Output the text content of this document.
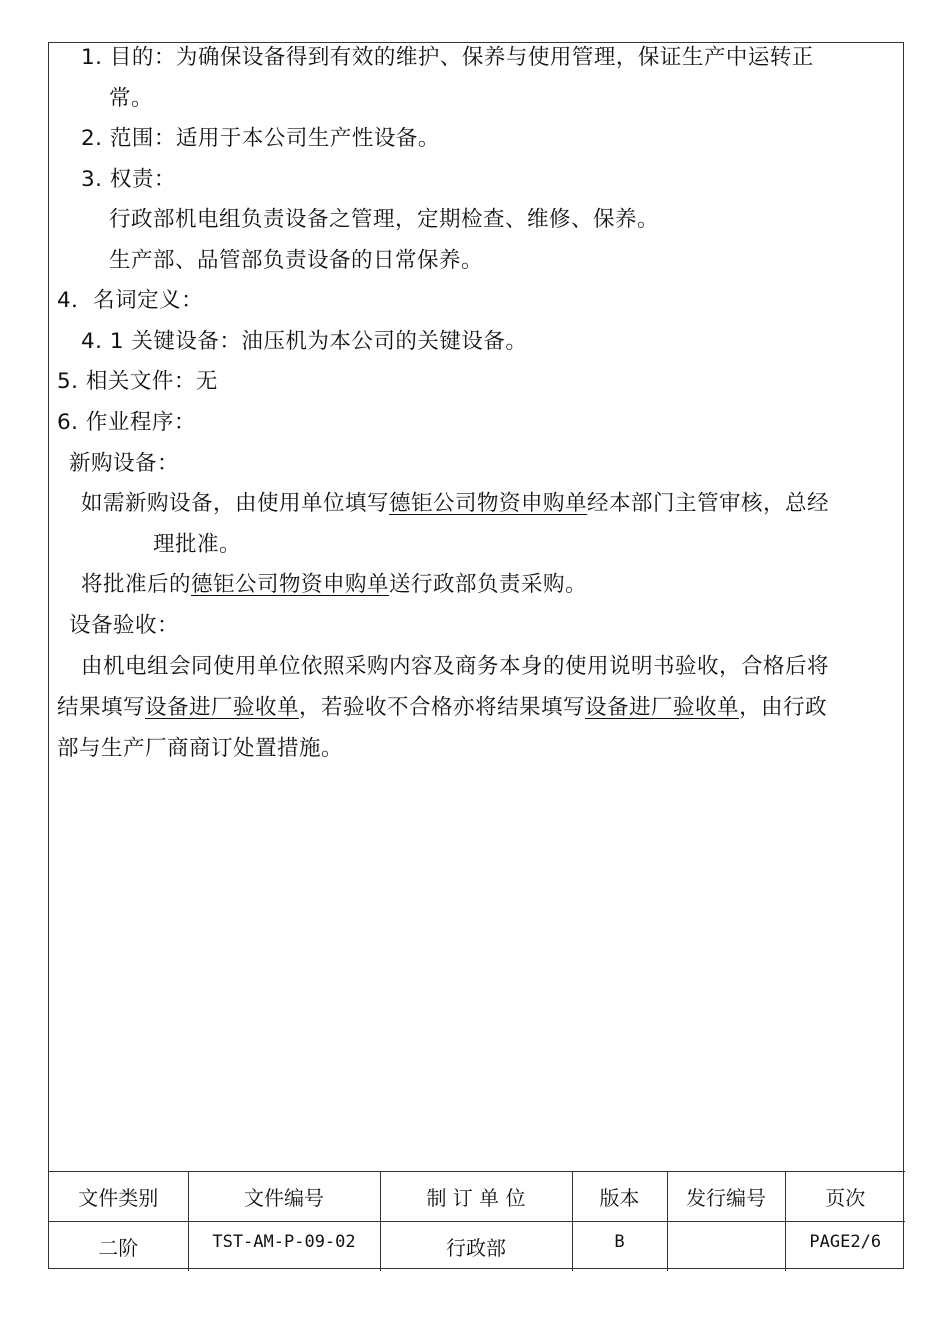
1. 目的：为确保设备得到有效的维护、保养与使用管理，保证生产中运转正
常。
2. 范围：适用于本公司生产性设备。
3. 权责：
行政部机电组负责设备之管理，定期检查、维修、保养。
生产部、品管部负责设备的日常保养。
4．名词定义：
4. 1 关键设备：油压机为本公司的关键设备。
5. 相关文件：无
6. 作业程序：
新购设备：
如需新购设备，由使用单位填写德钜公司物资申购单经本部门主管审核，总经
理批准。
将批准后的德钜公司物资申购单送行政部负责采购。
设备验收：
由机电组会同使用单位依照采购内容及商务本身的使用说明书验收，合格后将
结果填写设备进厂验收单，若验收不合格亦将结果填写设备进厂验收单，由行政
部与生产厂商商订处置措施。
文件类别	文件编号	制 订 单 位	版本	发行编号	页次
二阶	TST-AM-P-09-02	行政部	B		PAGE2/6
